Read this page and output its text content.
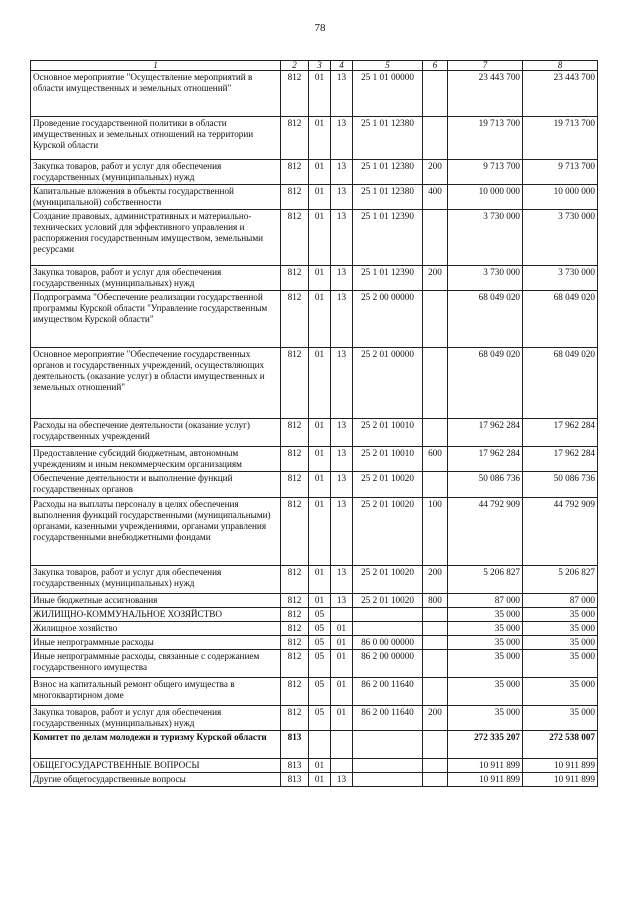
78
1	2	3	4	5	6	7	8
Основное мероприятие "Осуществление мероприятий в области имущественных и земельных отношений"	812	01	13	25 1 01 00000		23 443 700	23 443 700
Проведение государственной политики в области имущественных и земельных отношений на территории Курской области	812	01	13	25 1 01 12380		19 713 700	19 713 700
Закупка товаров, работ и услуг для обеспечения государственных (муниципальных) нужд	812	01	13	25 1 01 12380	200	9 713 700	9 713 700
Капитальные вложения в объекты государственной (муниципальной) собственности	812	01	13	25 1 01 12380	400	10 000 000	10 000 000
Создание правовых, административных и материально-технических условий для эффективного управления и распоряжения государственным имуществом, земельными ресурсами	812	01	13	25 1 01 12390		3 730 000	3 730 000
Закупка товаров, работ и услуг для обеспечения государственных (муниципальных) нужд	812	01	13	25 1 01 12390	200	3 730 000	3 730 000
Подпрограмма "Обеспечение реализации государственной программы Курской области "Управление государственным имуществом Курской области"	812	01	13	25 2 00 00000		68 049 020	68 049 020
Основное мероприятие "Обеспечение государственных органов и государственных учреждений, осуществляющих деятельность (оказание услуг) в области имущественных и земельных отношений"	812	01	13	25 2 01 00000		68 049 020	68 049 020
Расходы на обеспечение деятельности (оказание услуг) государственных учреждений	812	01	13	25 2 01 10010		17 962 284	17 962 284
Предоставление субсидий бюджетным, автономным учреждениям и иным некоммерческим организациям	812	01	13	25 2 01 10010	600	17 962 284	17 962 284
Обеспечение деятельности и выполнение функций государственных органов	812	01	13	25 2 01 10020		50 086 736	50 086 736
Расходы на выплаты персоналу в целях обеспечения выполнения функций государственными (муниципальными) органами, казенными учреждениями, органами управления государственными внебюджетными фондами	812	01	13	25 2 01 10020	100	44 792 909	44 792 909
Закупка товаров, работ и услуг для обеспечения государственных (муниципальных) нужд	812	01	13	25 2 01 10020	200	5 206 827	5 206 827
Иные бюджетные ассигнования	812	01	13	25 2 01 10020	800	87 000	87 000
ЖИЛИЩНО-КОММУНАЛЬНОЕ ХОЗЯЙСТВО	812	05				35 000	35 000
Жилищное хозяйство	812	05	01			35 000	35 000
Иные непрограммные расходы	812	05	01	86 0 00 00000		35 000	35 000
Иные непрограммные расходы, связанные с содержанием государственного имущества	812	05	01	86 2 00 00000		35 000	35 000
Взнос на капитальный ремонт общего имущества в многоквартирном доме	812	05	01	86 2 00 11640		35 000	35 000
Закупка товаров, работ и услуг для обеспечения государственных (муниципальных) нужд	812	05	01	86 2 00 11640	200	35 000	35 000
Комитет по делам молодежи и туризму Курской области	813					272 335 207	272 538 007
ОБЩЕГОСУДАРСТВЕННЫЕ ВОПРОСЫ	813	01				10 911 899	10 911 899
Другие общегосударственные вопросы	813	01	13			10 911 899	10 911 899
